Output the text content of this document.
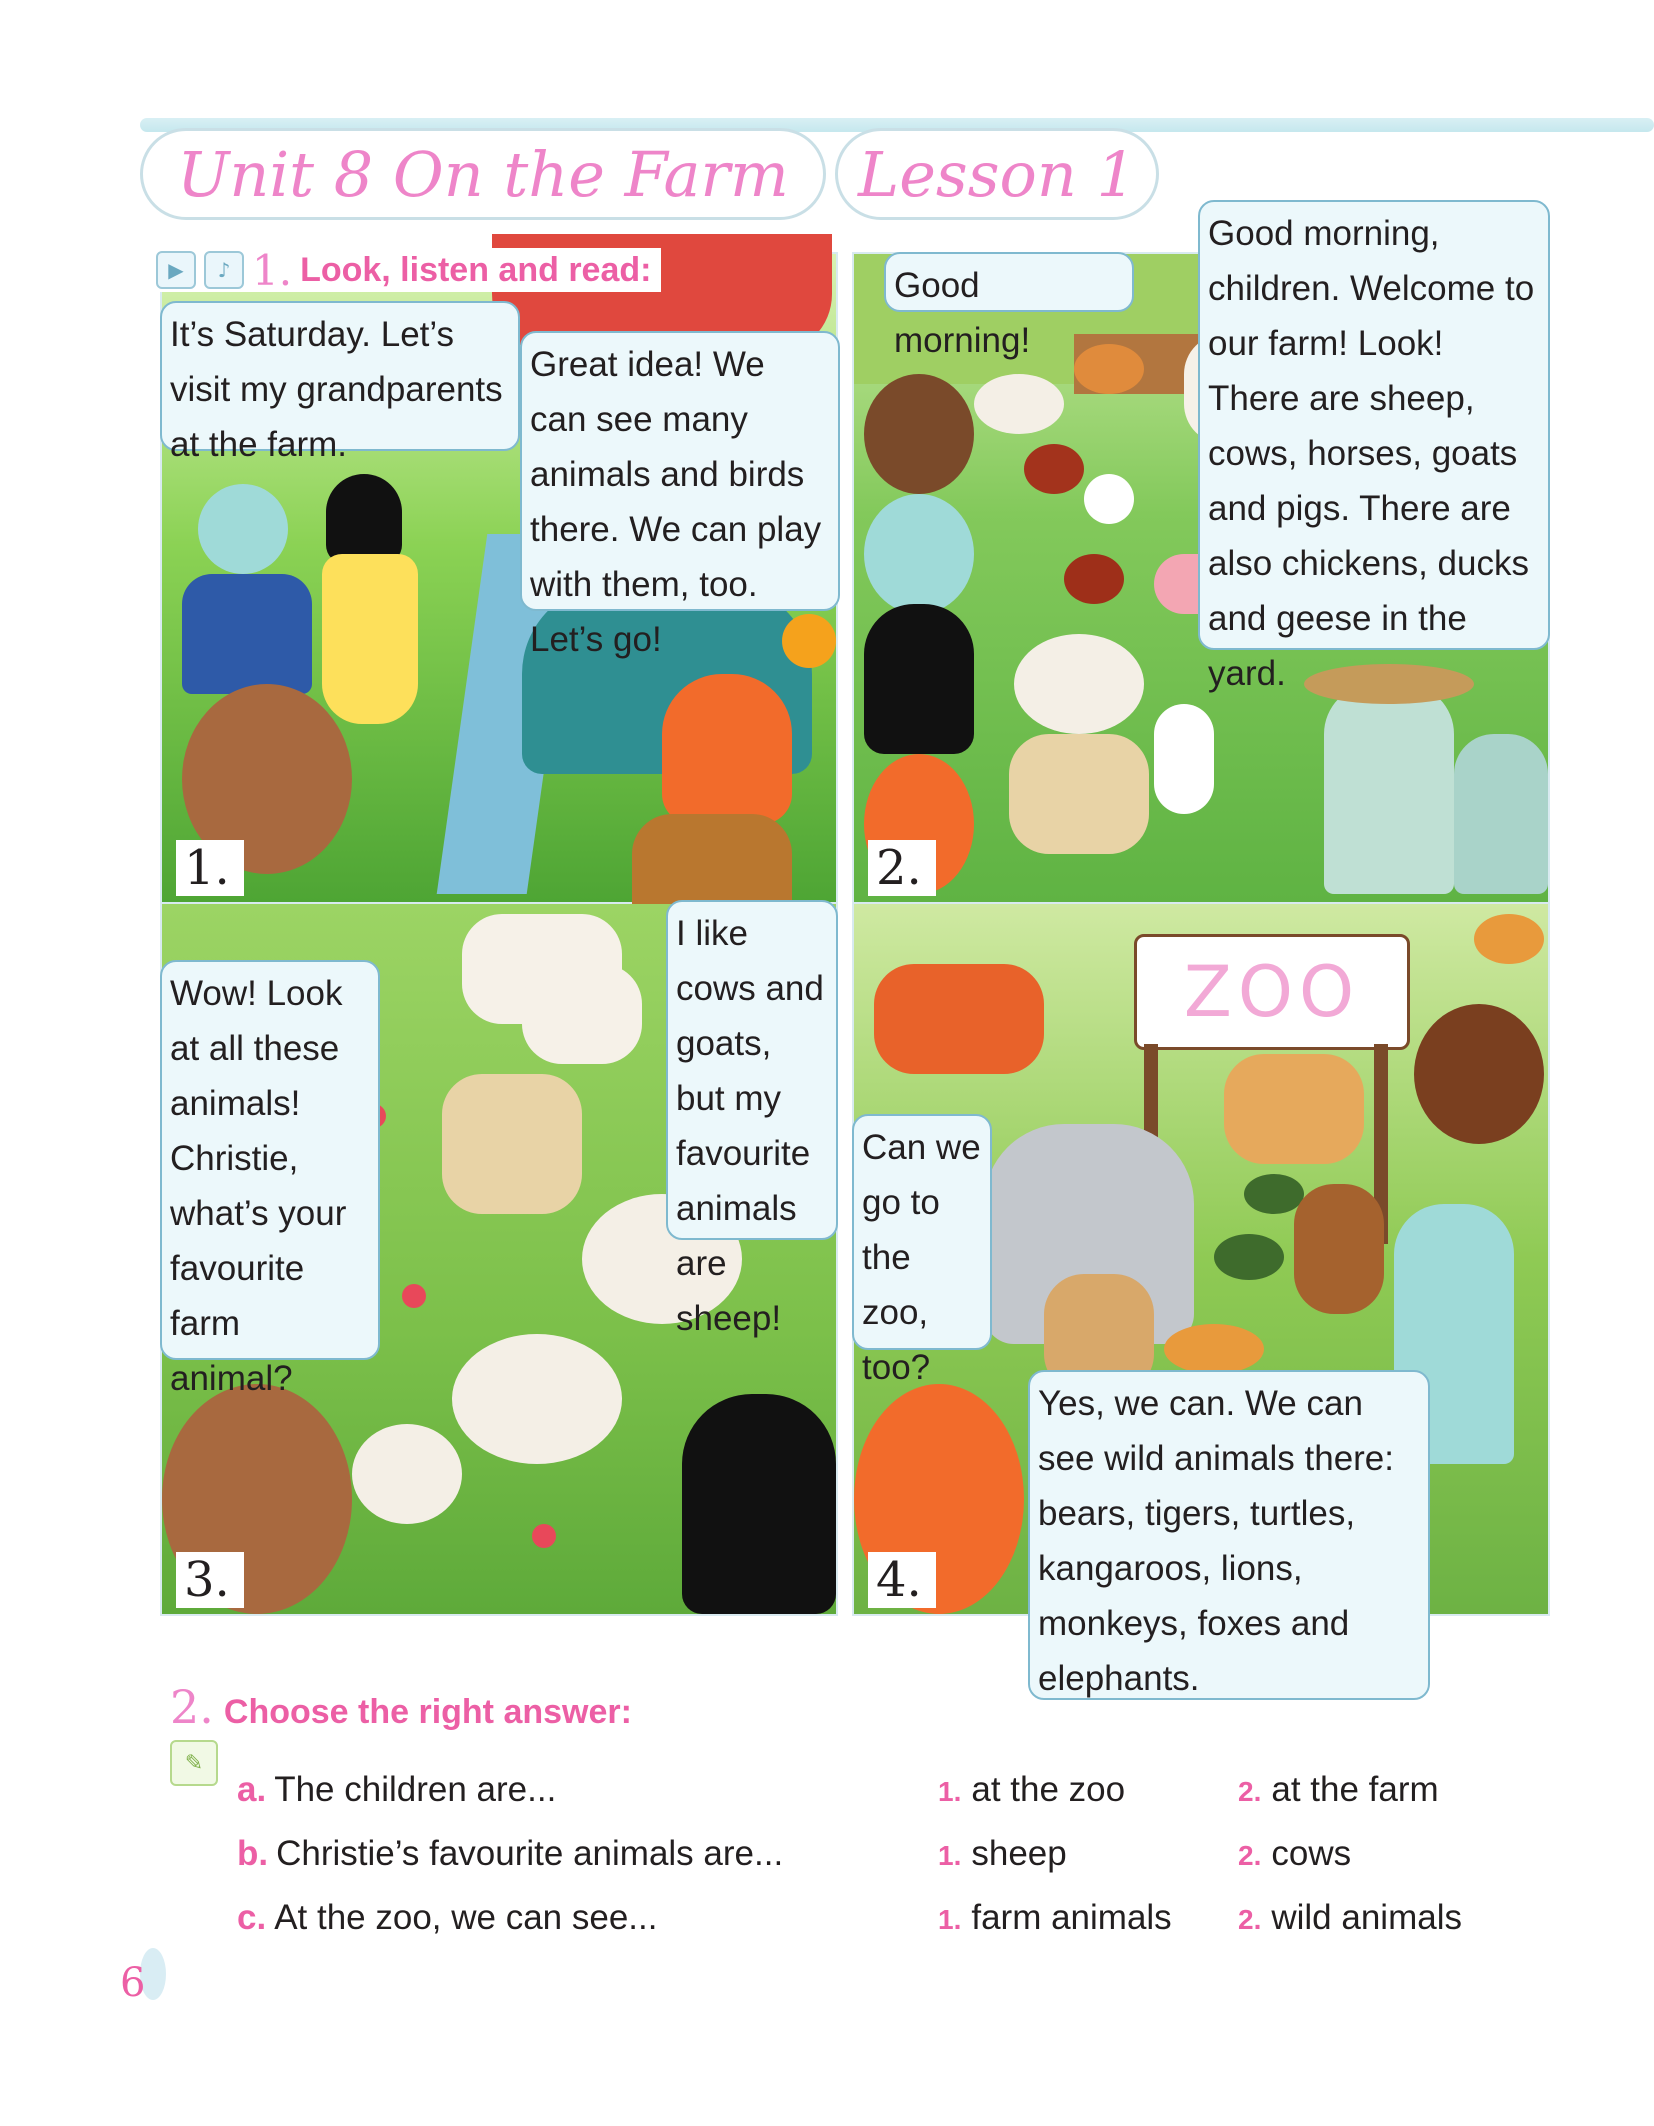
Unit 8 On the Farm Lesson 1
▶	♪ 1. Look, listen and read:
It’s Saturday. Let’s visit my grandparents at the farm.
Great idea! We can see many animals and birds there. We can play with them, too. Let’s go!
1.
Good morning!
Good morning, children. Welcome to our farm! Look! There are sheep, cows, horses, goats and pigs. There are also chickens, ducks and geese in the yard.
2.
Wow! Look at all these animals! Christie, what’s your favourite farm animal?
I like cows and goats, but my favourite animals are sheep!
3.
ZOO
Can we go to the zoo, too?
4.
Yes, we can. We can see wild animals there: bears, tigers, turtles, kangaroos, lions, monkeys, foxes and elephants.
2. Choose the right answer:
✎
a. The children are...	1. at the zoo	2. at the farm
b. Christie’s favourite animals are...	1. sheep	2. cows
c. At the zoo, we can see...	1. farm animals 2. wild animals
6
